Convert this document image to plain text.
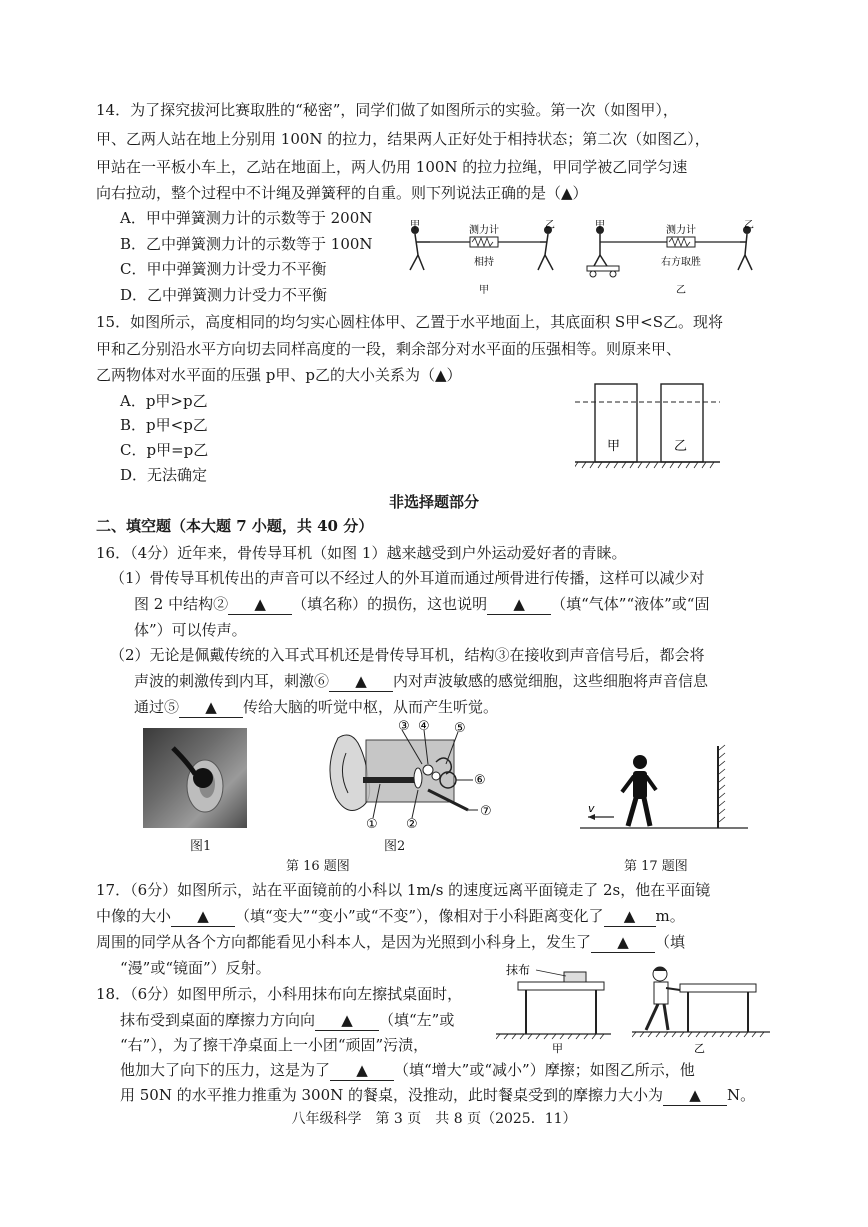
14．为了探究拔河比赛取胜的“秘密”，同学们做了如图所示的实验。第一次（如图甲），
甲、乙两人站在地上分别用 100N 的拉力，结果两人正好处于相持状态；第二次（如图乙），
甲站在一平板小车上，乙站在地面上，两人仍用 100N 的拉力拉绳，甲同学被乙同学匀速
向右拉动，整个过程中不计绳及弹簧秤的自重。则下列说法正确的是（▲）
A．甲中弹簧测力计的示数等于 200N
B．乙中弹簧测力计的示数等于 100N
C．甲中弹簧测力计受力不平衡
D．乙中弹簧测力计受力不平衡
甲	乙
测力计
相持
甲
甲	乙
测力计
右方取胜
乙
15．如图所示，高度相同的均匀实心圆柱体甲、乙置于水平地面上，其底面积 S甲<S乙。现将
甲和乙分别沿水平方向切去同样高度的一段，剩余部分对水平面的压强相等。则原来甲、
乙两物体对水平面的压强 p甲、p乙的大小关系为（▲）
A．p甲>p乙
B．p甲<p乙
C．p甲=p乙
D．无法确定
甲	乙
非选择题部分
二、填空题（本大题 7 小题，共 40 分）
16．（4分）近年来，骨传导耳机（如图 1）越来越受到户外运动爱好者的青睐。
（1）骨传导耳机传出的声音可以不经过人的外耳道而通过颅骨进行传播，这样可以减少对
图 2 中结构② ▲ （填名称）的损伤，这也说明 ▲ （填“气体”“液体”或“固
体”）可以传声。
（2）无论是佩戴传统的入耳式耳机还是骨传导耳机，结构③在接收到声音信号后，都会将
声波的刺激传到内耳，刺激⑥ ▲ 内对声波敏感的感觉细胞，这些细胞将声音信息
通过⑤ ▲ 传给大脑的听觉中枢，从而产生听觉。
图1
③ ④ ⑤
⑥
⑦
① ②
图2
第 16 题图
v
第 17 题图
17．（6分）如图所示，站在平面镜前的小科以 1m/s 的速度远离平面镜走了 2s，他在平面镜
中像的大小 ▲ （填“变大”“变小”或“不变”），像相对于小科距离变化了 ▲ m。
周围的同学从各个方向都能看见小科本人，是因为光照到小科身上，发生了 ▲ （填
“漫”或“镜面”）反射。
18．（6分）如图甲所示，小科用抹布向左擦拭桌面时，
抹布受到桌面的摩擦力方向向 ▲ （填“左”或
“右”），为了擦干净桌面上一小团“顽固”污渍，
他加大了向下的压力，这是为了 ▲ （填“增大”或“减小”）摩擦；如图乙所示，他
用 50N 的水平推力推重为 300N 的餐桌，没推动，此时餐桌受到的摩擦力大小为 ▲ N。
抹布
甲	乙
八年级科学　第 3 页　共 8 页（2025．11）
